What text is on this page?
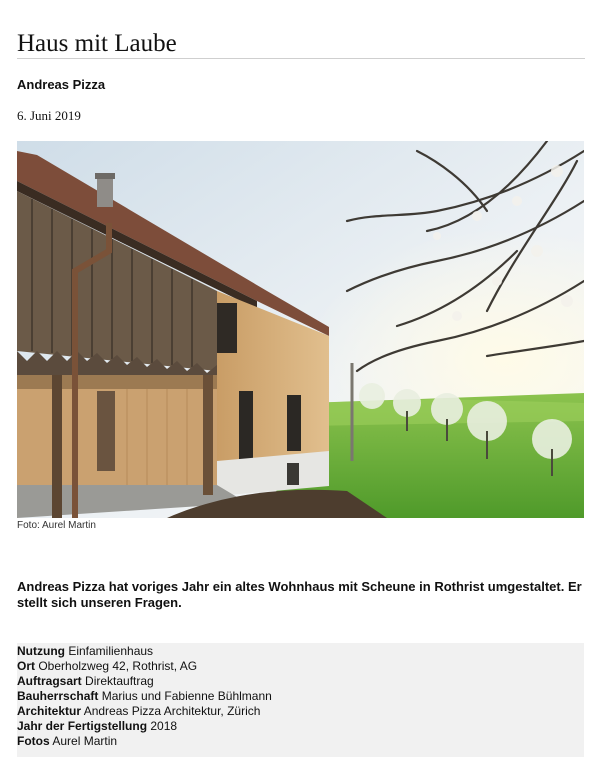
Haus mit Laube
Andreas Pizza
6. Juni 2019
Foto: Aurel Martin
Andreas Pizza hat voriges Jahr ein altes Wohnhaus mit Scheune in Rothrist umgestaltet. Er stellt sich unseren Fragen.
Nutzung Einfamilienhaus
Ort Oberholzweg 42, Rothrist, AG
Auftragsart Direktauftrag
Bauherrschaft Marius und Fabienne Bühlmann
Architektur Andreas Pizza Architektur, Zürich
Jahr der Fertigstellung 2018
Fotos Aurel Martin
